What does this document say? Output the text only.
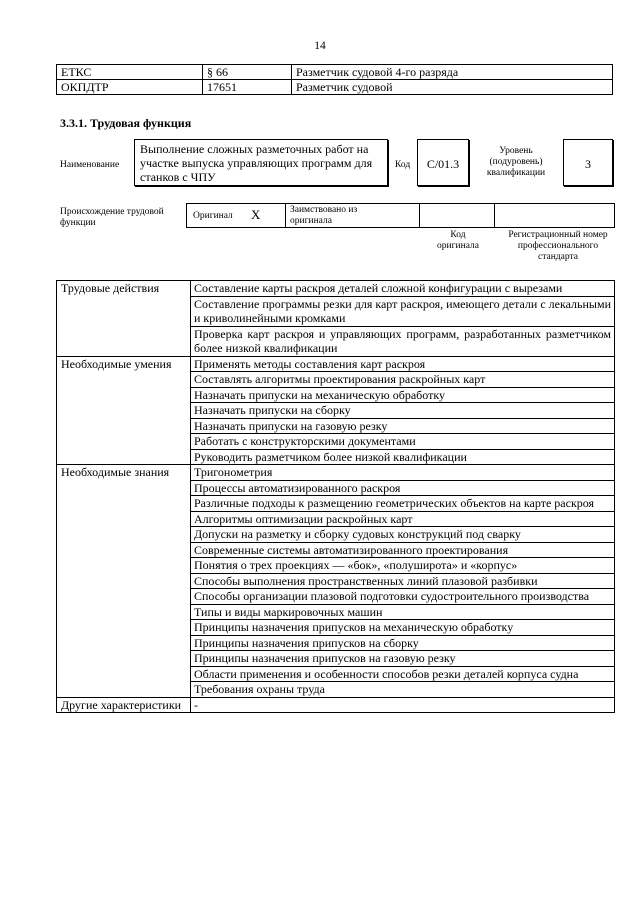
14
ЕТКС	§ 66	Разметчик судовой 4-го разряда
ОКПДТР	17651	Разметчик судовой
3.3.1. Трудовая функция
Наименование
Выполнение сложных разметочных работ на участке выпуска управляющих программ для станков с ЧПУ
Код	C/01.3
Уровень (подуровень) квалификации
3
Происхождение трудовой функции
Оригинал X	Заимствовано из оригинала
Код оригинала
Регистрационный номер профессионального стандарта
Трудовые действия	Составление карты раскроя деталей сложной конфигурации с вырезами
	Составление программы резки для карт раскроя, имеющего детали с лекальными и криволинейными кромками
	Проверка карт раскроя и управляющих программ, разработанных разметчиком более низкой квалификации
Необходимые умения	Применять методы составления карт раскроя
	Составлять алгоритмы проектирования раскройных карт
	Назначать припуски на механическую обработку
	Назначать припуски на сборку
	Назначать припуски на газовую резку
	Работать с конструкторскими документами
	Руководить разметчиком более низкой квалификации
Необходимые знания	Тригонометрия
	Процессы автоматизированного раскроя
	Различные подходы к размещению геометрических объектов на карте раскроя
	Алгоритмы оптимизации раскройных карт
	Допуски на разметку и сборку судовых конструкций под сварку
	Современные системы автоматизированного проектирования
	Понятия о трех проекциях — «бок», «полуширота» и «корпус»
	Способы выполнения пространственных линий плазовой разбивки
	Способы организации плазовой подготовки судостроительного производства
	Типы и виды маркировочных машин
	Принципы назначения припусков на механическую обработку
	Принципы назначения припусков на сборку
	Принципы назначения припусков на газовую резку
	Области применения и особенности способов резки деталей корпуса судна
	Требования охраны труда
Другие характеристики	-
